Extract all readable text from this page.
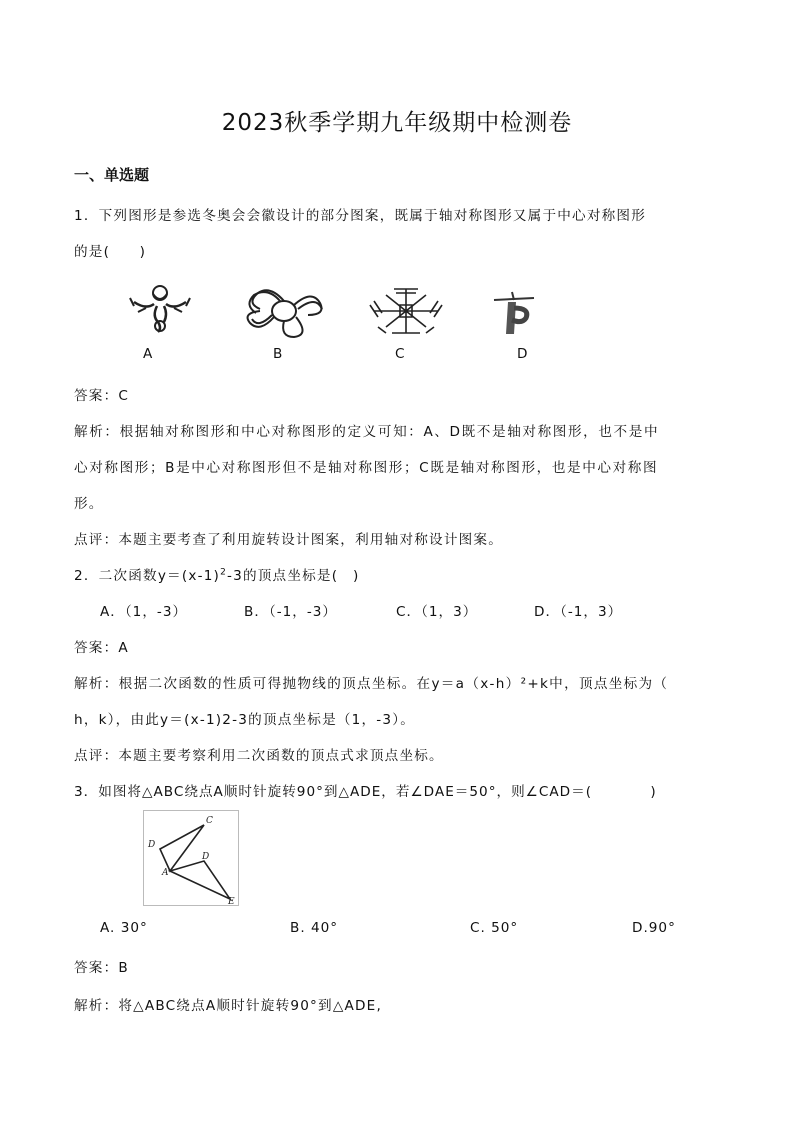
2023秋季学期九年级期中检测卷
一、单选题
1．下列图形是参选冬奥会会徽设计的部分图案，既属于轴对称图形又属于中心对称图形
的是(　　)
A	B	C	D
答案：C
解析：根据轴对称图形和中心对称图形的定义可知：A、D既不是轴对称图形，也不是中
心对称图形；B是中心对称图形但不是轴对称图形；C既是轴对称图形，也是中心对称图
形。
点评：本题主要考查了利用旋转设计图案，利用轴对称设计图案。
2．二次函数$y=(x-1)^2-3$的顶点坐标是(　)
A．（1，-3）	B．（-1，-3）	C．（1，3）	D．（-1，3）
答案：A
解析：根据二次函数的性质可得抛物线的顶点坐标。在y＝a（x-h）²+k中，顶点坐标为（
h，k），由此y＝(x-1)2-3的顶点坐标是（1，-3）。
点评：本题主要考察利用二次函数的顶点式求顶点坐标。
3．如图将△ABC绕点A顺时针旋转90°到△ADE，若∠DAE＝50°，则∠CAD＝(　　　　)
C
D
D
A
E
A. 30°	B. 40°	C. 50°	D.90°
答案：B
解析：将△ABC绕点A顺时针旋转90°到△ADE,
